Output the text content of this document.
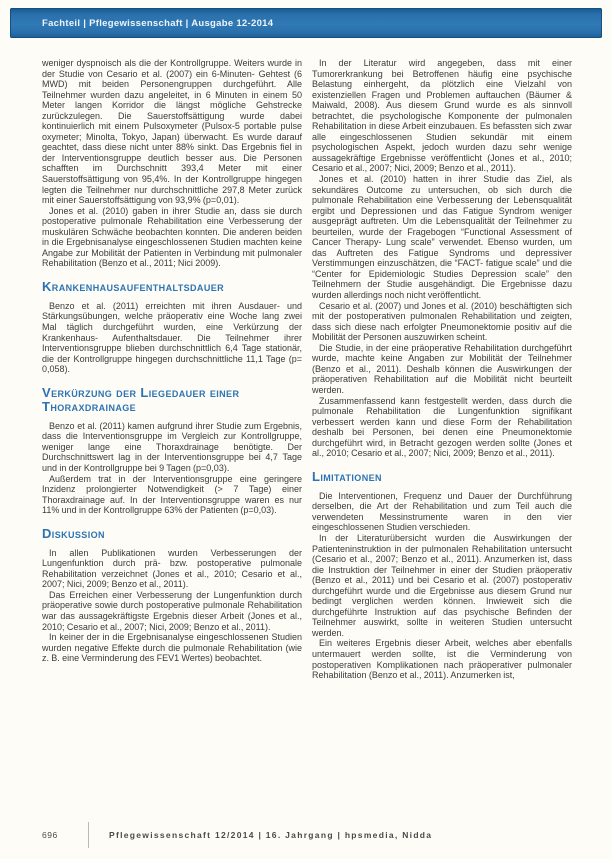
Fachteil | Pflegewissenschaft | Ausgabe 12-2014
weniger dyspnoisch als die der Kontrollgruppe. Weiters wurde in der Studie von Cesario et al. (2007) ein 6-Minuten- Gehtest (6 MWD) mit beiden Personengruppen durchgeführt. Alle Teilnehmer wurden dazu angeleitet, in 6 Minuten in einem 50 Meter langen Korridor die längst mögliche Gehstrecke zurückzulegen. Die Sauerstoffsättigung wurde dabei kontinuierlich mit einem Pulsoxymeter (Pulsox-5 portable pulse oxymeter; Minolta, Tokyo, Japan) überwacht. Es wurde darauf geachtet, dass diese nicht unter 88% sinkt. Das Ergebnis fiel in der Interventionsgruppe deutlich besser aus. Die Personen schafften im Durchschnitt 393,4 Meter mit einer Sauerstoffsättigung von 95,4%. In der Kontrollgruppe hingegen legten die Teilnehmer nur durchschnittliche 297,8 Meter zurück mit einer Sauerstoffsättigung von 93,9% (p=0,01).
Jones et al. (2010) gaben in ihrer Studie an, dass sie durch postoperative pulmonale Rehabilitation eine Verbesserung der muskulären Schwäche beobachten konnten. Die anderen beiden in die Ergebnisanalyse eingeschlossenen Studien machten keine Angabe zur Mobilität der Patienten in Verbindung mit pulmonaler Rehabilitation (Benzo et al., 2011; Nici 2009).
Krankenhausaufenthaltsdauer
Benzo et al. (2011) erreichten mit ihren Ausdauer- und Stärkungsübungen, welche präoperativ eine Woche lang zwei Mal täglich durchgeführt wurden, eine Verkürzung der Krankenhaus- Aufenthaltsdauer. Die Teilnehmer ihrer Interventionsgruppe blieben durchschnittlich 6,4 Tage stationär, die der Kontrollgruppe hingegen durchschnittliche 11,1 Tage (p= 0,058).
Verkürzung der Liegedauer einer Thoraxdrainage
Benzo et al. (2011) kamen aufgrund ihrer Studie zum Ergebnis, dass die Interventionsgruppe im Vergleich zur Kontrollgruppe, weniger lange eine Thoraxdrainage benötigte. Der Durchschnittswert lag in der Interventionsgruppe bei 4,7 Tage und in der Kontrollgruppe bei 9 Tagen (p=0,03).
Außerdem trat in der Interventionsgruppe eine geringere Inzidenz prolongierter Notwendigkeit (> 7 Tage) einer Thoraxdrainage auf. In der Interventionsgruppe waren es nur 11% und in der Kontrollgruppe 63% der Patienten (p=0,03).
Diskussion
In allen Publikationen wurden Verbesserungen der Lungenfunktion durch prä- bzw. postoperative pulmonale Rehabilitation verzeichnet (Jones et al., 2010; Cesario et al., 2007; Nici, 2009; Benzo et al., 2011).
Das Erreichen einer Verbesserung der Lungenfunktion durch präoperative sowie durch postoperative pulmonale Rehabilitation war das aussagekräftigste Ergebnis dieser Arbeit (Jones et al., 2010; Cesario et al., 2007; Nici, 2009; Benzo et al., 2011).
In keiner der in die Ergebnisanalyse eingeschlossenen Studien wurden negative Effekte durch die pulmonale Rehabilitation (wie z. B. eine Verminderung des FEV1 Wertes) beobachtet.
In der Literatur wird angegeben, dass mit einer Tumorerkrankung bei Betroffenen häufig eine psychische Belastung einhergeht, da plötzlich eine Vielzahl von existenziellen Fragen und Problemen auftauchen (Bäumer & Maiwald, 2008). Aus diesem Grund wurde es als sinnvoll betrachtet, die psychologische Komponente der pulmonalen Rehabilitation in diese Arbeit einzubauen. Es befassten sich zwar alle eingeschlossenen Studien sekundär mit einem psychologischen Aspekt, jedoch wurden dazu sehr wenige aussagekräftige Ergebnisse veröffentlicht (Jones et al., 2010; Cesario et al., 2007; Nici, 2009; Benzo et al., 2011).
Jones et al. (2010) hatten in ihrer Studie das Ziel, als sekundäres Outcome zu untersuchen, ob sich durch die pulmonale Rehabilitation eine Verbesserung der Lebensqualität ergibt und Depressionen und das Fatigue Syndrom weniger ausgeprägt auftreten. Um die Lebensqualität der Teilnehmer zu beurteilen, wurde der Fragebogen “Functional Assessment of Cancer Therapy- Lung scale” verwendet. Ebenso wurden, um das Auftreten des Fatigue Syndroms und depressiver Verstimmungen einzuschätzen, die “FACT- fatigue scale” und die “Center for Epidemiologic Studies Depression scale” den Teilnehmern der Studie ausgehändigt. Die Ergebnisse dazu wurden allerdings noch nicht veröffentlicht.
Cesario et al. (2007) und Jones et al. (2010) beschäftigten sich mit der postoperativen pulmonalen Rehabilitation und zeigten, dass sich diese nach erfolgter Pneumonektomie positiv auf die Mobilität der Personen auszuwirken scheint.
Die Studie, in der eine präoperative Rehabilitation durchgeführt wurde, machte keine Angaben zur Mobilität der Teilnehmer (Benzo et al., 2011). Deshalb können die Auswirkungen der präoperativen Rehabilitation auf die Mobilität nicht beurteilt werden.
Zusammenfassend kann festgestellt werden, dass durch die pulmonale Rehabilitation die Lungenfunktion signifikant verbessert werden kann und diese Form der Rehabilitation deshalb bei Personen, bei denen eine Pneumonektomie durchgeführt wird, in Betracht gezogen werden sollte (Jones et al., 2010; Cesario et al., 2007; Nici, 2009; Benzo et al., 2011).
Limitationen
Die Interventionen, Frequenz und Dauer der Durchführung derselben, die Art der Rehabilitation und zum Teil auch die verwendeten Messinstrumente waren in den vier eingeschlossenen Studien verschieden.
In der Literaturübersicht wurden die Auswirkungen der Patienteninstruktion in der pulmonalen Rehabilitation untersucht (Cesario et al., 2007; Benzo et al., 2011). Anzumerken ist, dass die Instruktion der Teilnehmer in einer der Studien präoperativ (Benzo et al., 2011) und bei Cesario et al. (2007) postoperativ durchgeführt wurde und die Ergebnisse aus diesem Grund nur bedingt verglichen werden können. Inwieweit sich die durchgeführte Instruktion auf das psychische Befinden der Teilnehmer auswirkt, sollte in weiteren Studien untersucht werden.
Ein weiteres Ergebnis dieser Arbeit, welches aber ebenfalls untermauert werden sollte, ist die Verminderung von postoperativen Komplikationen nach präoperativer pulmonaler Rehabilitation (Benzo et al., 2011). Anzumerken ist,
696	Pflegewissenschaft 12/2014 | 16. Jahrgang | hpsmedia, Nidda
